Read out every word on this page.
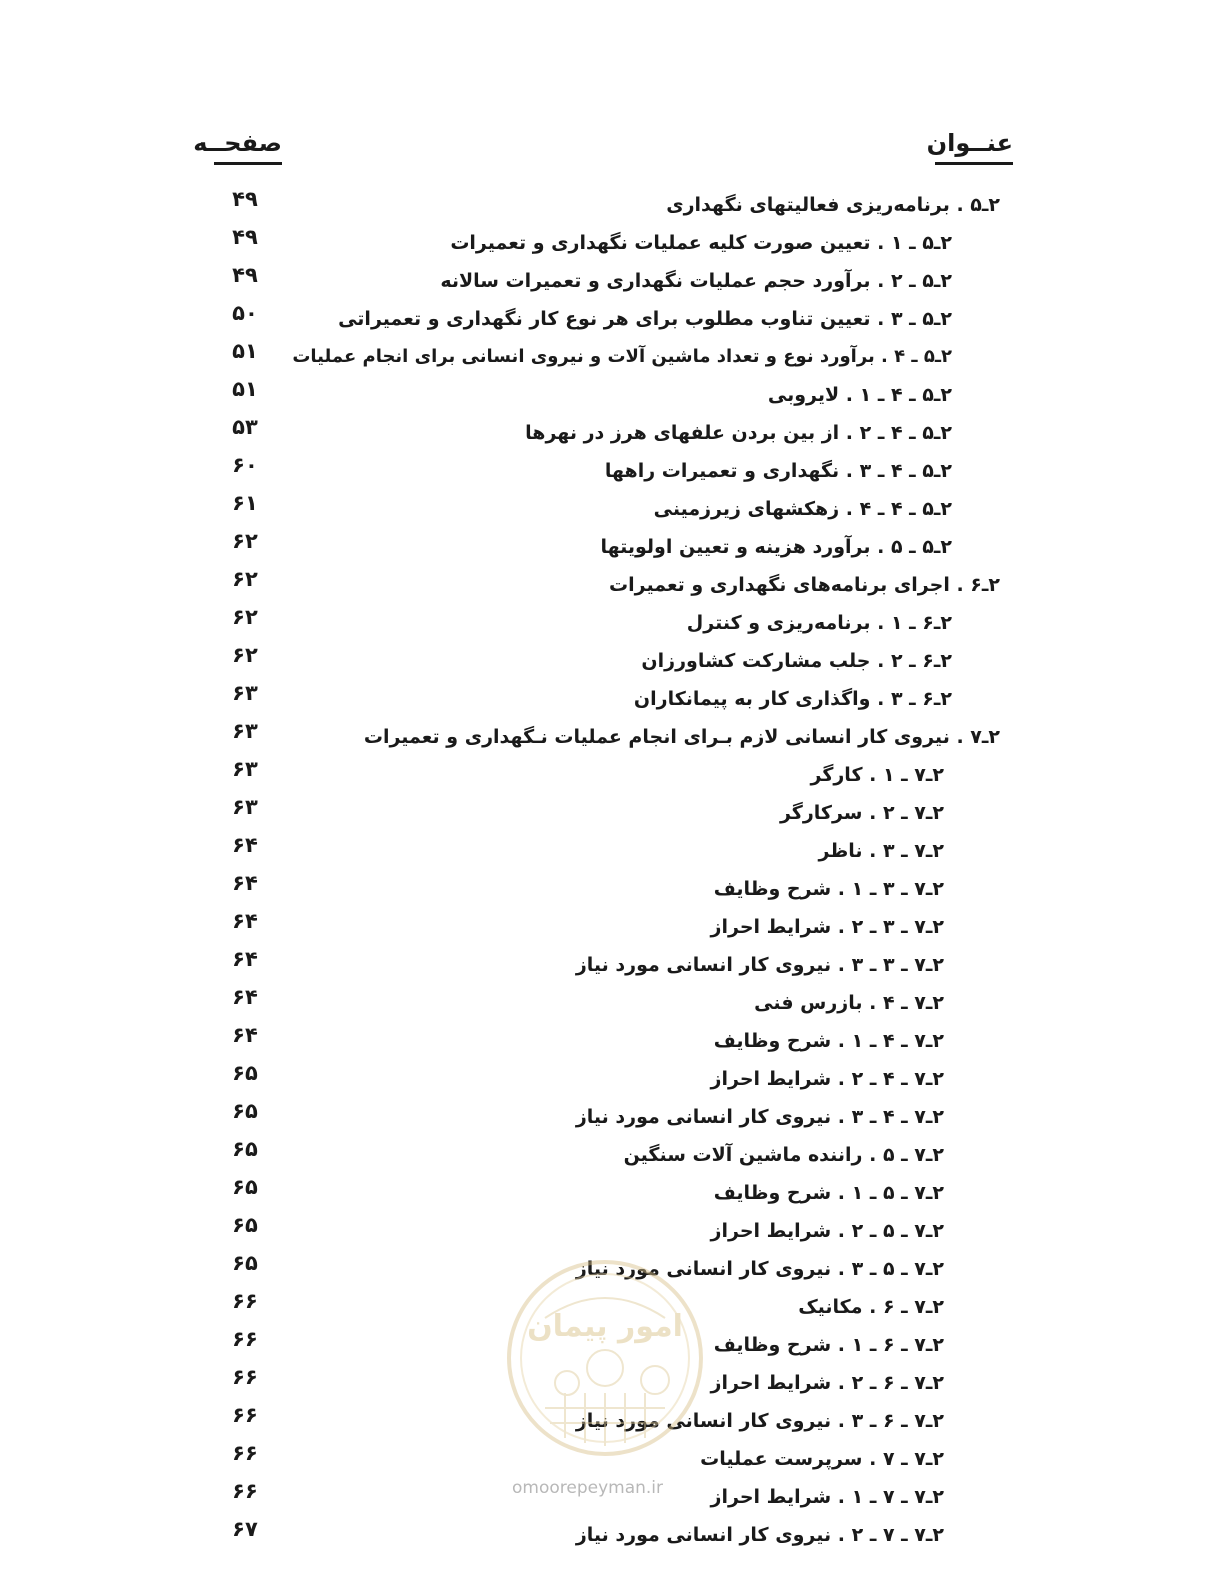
عنــوان
صفحــه
۲ـ۵ . برنامه‌ریزی فعالیتهای نگهداری
۴۹
۲ـ۵ ـ ۱ . تعیین صورت کلیه عملیات نگهداری و تعمیرات
۴۹
۲ـ۵ ـ ۲ . برآورد حجم عملیات نگهداری و تعمیرات سالانه
۴۹
۲ـ۵ ـ ۳ . تعیین تناوب مطلوب برای هر نوع کار نگهداری و تعمیراتی
۵۰
۲ـ۵ ـ ۴ . برآورد نوع و تعداد ماشین آلات و نیروی انسانی برای انجام عملیات
۵۱
۲ـ۵ ـ ۴ ـ ۱ . لایروبی
۵۱
۲ـ۵ ـ ۴ ـ ۲ . از بین بردن علفهای هرز در نهرها
۵۳
۲ـ۵ ـ ۴ ـ ۳ . نگهداری و تعمیرات راهها
۶۰
۲ـ۵ ـ ۴ ـ ۴ . زهکشهای زیرزمینی
۶۱
۲ـ۵ ـ ۵ . برآورد هزینه و تعیین اولویتها
۶۲
۲ـ۶ . اجرای برنامه‌های نگهداری و تعمیرات
۶۲
۲ـ۶ ـ ۱ . برنامه‌ریزی و کنترل
۶۲
۲ـ۶ ـ ۲ . جلب مشارکت کشاورزان
۶۲
۲ـ۶ ـ ۳ . واگذاری کار به پیمانکاران
۶۳
۲ـ۷ . نیروی کار انسانی لازم بـرای انجام عملیات نـگهداری و تعمیرات
۶۳
۲ـ۷ ـ ۱ . کارگر
۶۳
۲ـ۷ ـ ۲ . سرکارگر
۶۳
۲ـ۷ ـ ۳ . ناظر
۶۴
۲ـ۷ ـ ۳ ـ ۱ . شرح وظایف
۶۴
۲ـ۷ ـ ۳ ـ ۲ . شرایط احراز
۶۴
۲ـ۷ ـ ۳ ـ ۳ . نیروی کار انسانی مورد نیاز
۶۴
۲ـ۷ ـ ۴ . بازرس فنی
۶۴
۲ـ۷ ـ ۴ ـ ۱ . شرح وظایف
۶۴
۲ـ۷ ـ ۴ ـ ۲ . شرایط احراز
۶۵
۲ـ۷ ـ ۴ ـ ۳ . نیروی کار انسانی مورد نیاز
۶۵
۲ـ۷ ـ ۵ . راننده ماشین آلات سنگین
۶۵
۲ـ۷ ـ ۵ ـ ۱ . شرح وظایف
۶۵
۲ـ۷ ـ ۵ ـ ۲ . شرایط احراز
۶۵
۲ـ۷ ـ ۵ ـ ۳ . نیروی کار انسانی مورد نیاز
۶۵
۲ـ۷ ـ ۶ . مکانیک
۶۶
۲ـ۷ ـ ۶ ـ ۱ . شرح وظایف
۶۶
۲ـ۷ ـ ۶ ـ ۲ . شرایط احراز
۶۶
۲ـ۷ ـ ۶ ـ ۳ . نیروی کار انسانی مورد نیاز
۶۶
۲ـ۷ ـ ۷ . سرپرست عملیات
۶۶
۲ـ۷ ـ ۷ ـ ۱ . شرایط احراز
۶۶
۲ـ۷ ـ ۷ ـ ۲ . نیروی کار انسانی مورد نیاز
۶۷
امور پیمان
omoorepeyman.ir
